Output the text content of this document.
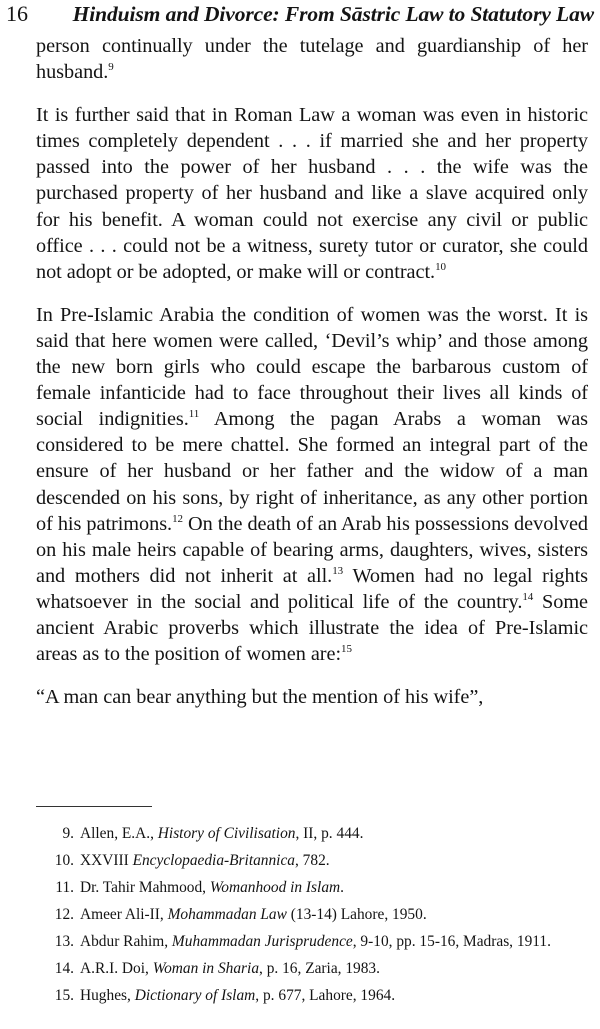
16	Hinduism and Divorce: From Sāstric Law to Statutory Law

person continually under the tutelage and guardianship of her husband.$^9$

It is further said that in Roman Law a woman was even in historic times completely dependent . . . if married she and her property passed into the power of her husband . . . the wife was the purchased property of her husband and like a slave acquired only for his benefit. A woman could not exercise any civil or public office . . . could not be a witness, surety tutor or curator, she could not adopt or be adopted, or make will or contract.$^{10}$

In Pre-Islamic Arabia the condition of women was the worst. It is said that here women were called, ‘Devil’s whip’ and those among the new born girls who could escape the barbarous custom of female infanticide had to face throughout their lives all kinds of social indignities.$^{11}$ Among the pagan Arabs a woman was considered to be mere chattel. She formed an integral part of the ensure of her husband or her father and the widow of a man descended on his sons, by right of inheritance, as any other portion of his patrimons.$^{12}$ On the death of an Arab his possessions devolved on his male heirs capable of bearing arms, daughters, wives, sisters and mothers did not inherit at all.$^{13}$ Women had no legal rights whatsoever in the social and political life of the country.$^{14}$ Some ancient Arabic proverbs which illustrate the idea of Pre-Islamic areas as to the position of women are:$^{15}$

“A man can bear anything but the mention of his wife”,

9. Allen, E.A., History of Civilisation, II, p. 444.
10. XXVIII Encyclopaedia-Britannica, 782.
11. Dr. Tahir Mahmood, Womanhood in Islam.
12. Ameer Ali-II, Mohammadan Law (13-14) Lahore, 1950.
13. Abdur Rahim, Muhammadan Jurisprudence, 9-10, pp. 15-16, Madras, 1911.
14. A.R.I. Doi, Woman in Sharia, p. 16, Zaria, 1983.
15. Hughes, Dictionary of Islam, p. 677, Lahore, 1964.
